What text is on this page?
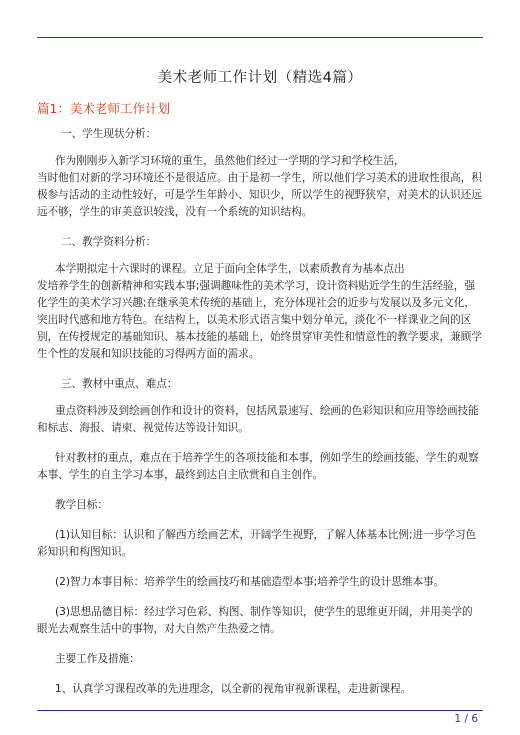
美术老师工作计划（精选4篇）
篇1：美术老师工作计划

一、学生现状分析：

作为刚刚步入新学习环境的重生，虽然他们经过一学期的学习和学校生活，

当时他们对新的学习环境还不是很适应。由于是初一学生，所以他们学习美术的进取性很高，积极参与活动的主动性较好，可是学生年龄小、知识少，所以学生的视野狭窄，对美术的认识还远远不够，学生的审美意识较浅，没有一个系统的知识结构。

二、教学资料分析：

本学期拟定十六课时的课程。立足于面向全体学生，以素质教育为基本点出

发培养学生的创新精神和实践本事;强调趣味性的美术学习，设计资料贴近学生的生活经验，强化学生的美术学习兴趣;在继承美术传统的基础上，充分体现社会的近步与发展以及多元文化，突出时代感和地方特色。在结构上，以美术形式语言集中划分单元，淡化不一样课业之间的区别，在传授规定的基础知识、基本技能的基础上，始终贯穿审美性和情意性的教学要求，兼顾学生个性的发展和知识技能的习得两方面的需求。

三、教材中重点、难点：

重点资料涉及到绘画创作和设计的资料，包括风景速写、绘画的色彩知识和应用等绘画技能和标志、海报、请柬、视觉传达等设计知识。

针对教材的重点，难点在于培养学生的各项技能和本事，例如学生的绘画技能、学生的观察本事、学生的自主学习本事，最终到达自主欣赏和自主创作。

教学目标：

(1)认知目标：认识和了解西方绘画艺术，开阔学生视野，了解人体基本比例;进一步学习色彩知识和构图知识。

(2)智力本事目标：培养学生的绘画技巧和基础造型本事;培养学生的设计思维本事。

(3)思想品德目标：经过学习色彩、构图、制作等知识，使学生的思维更开阔，并用美学的眼光去观察生活中的事物，对大自然产生热爱之情。

主要工作及措施：

1、认真学习课程改革的先进理念，以全新的视角审视新课程，走进新课程。

1 / 6
